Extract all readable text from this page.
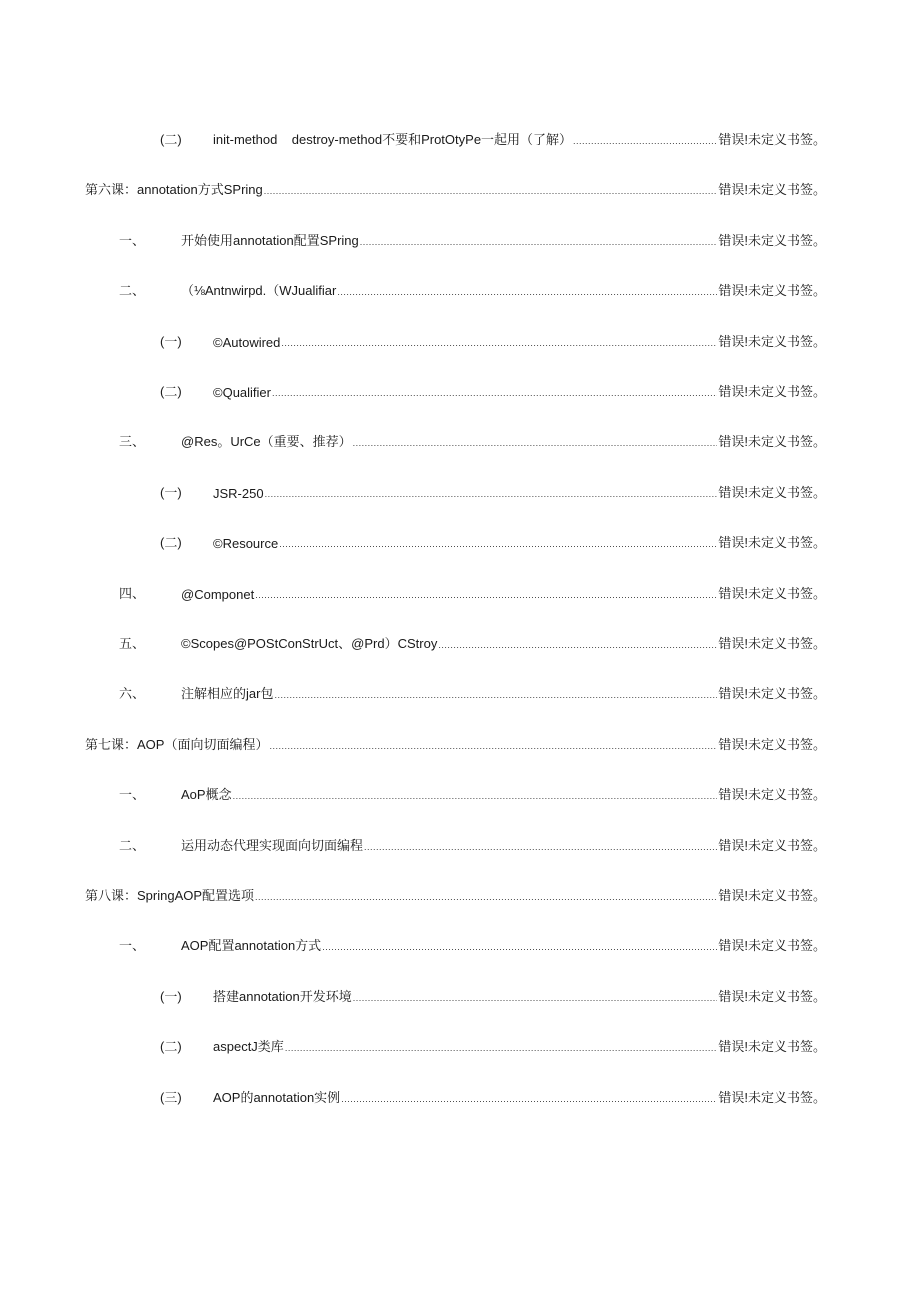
(二)	init-method    destroy-method不要和ProtOtyPe一起用（了解） .....	错误!未定义书签。
第六课：annotation方式SPring .....	错误!未定义书签。
一、	开始使用annotation配置SPring .....	错误!未定义书签。
二、	（⅛Antnwirpd.（WJualifiar .....	错误!未定义书签。
(一)	©Autowired .....	错误!未定义书签。
(二)	©Qualifier .....	错误!未定义书签。
三、	@Res。UrCe（重要、推荐） .....	错误!未定义书签。
(一)	JSR-250 .....	错误!未定义书签。
(二)	©Resource .....	错误!未定义书签。
四、	@Componet .....	错误!未定义书签。
五、	©Scopes@POStConStrUct、@Prd）CStroy .....	错误!未定义书签。
六、	注解相应的jar包 .....	错误!未定义书签。
第七课：AOP（面向切面编程） .....	错误!未定义书签。
一、	AoP概念 .....	错误!未定义书签。
二、	运用动态代理实现面向切面编程 .....	错误!未定义书签。
第八课：SpringAOP配置选项 .....	错误!未定义书签。
一、	AOP配置annotation方式 .....	错误!未定义书签。
(一)	搭建annotation开发环境 .....	错误!未定义书签。
(二)	aspectJ类库 .....	错误!未定义书签。
(三)	AOP的annotation实例 .....	错误!未定义书签。
